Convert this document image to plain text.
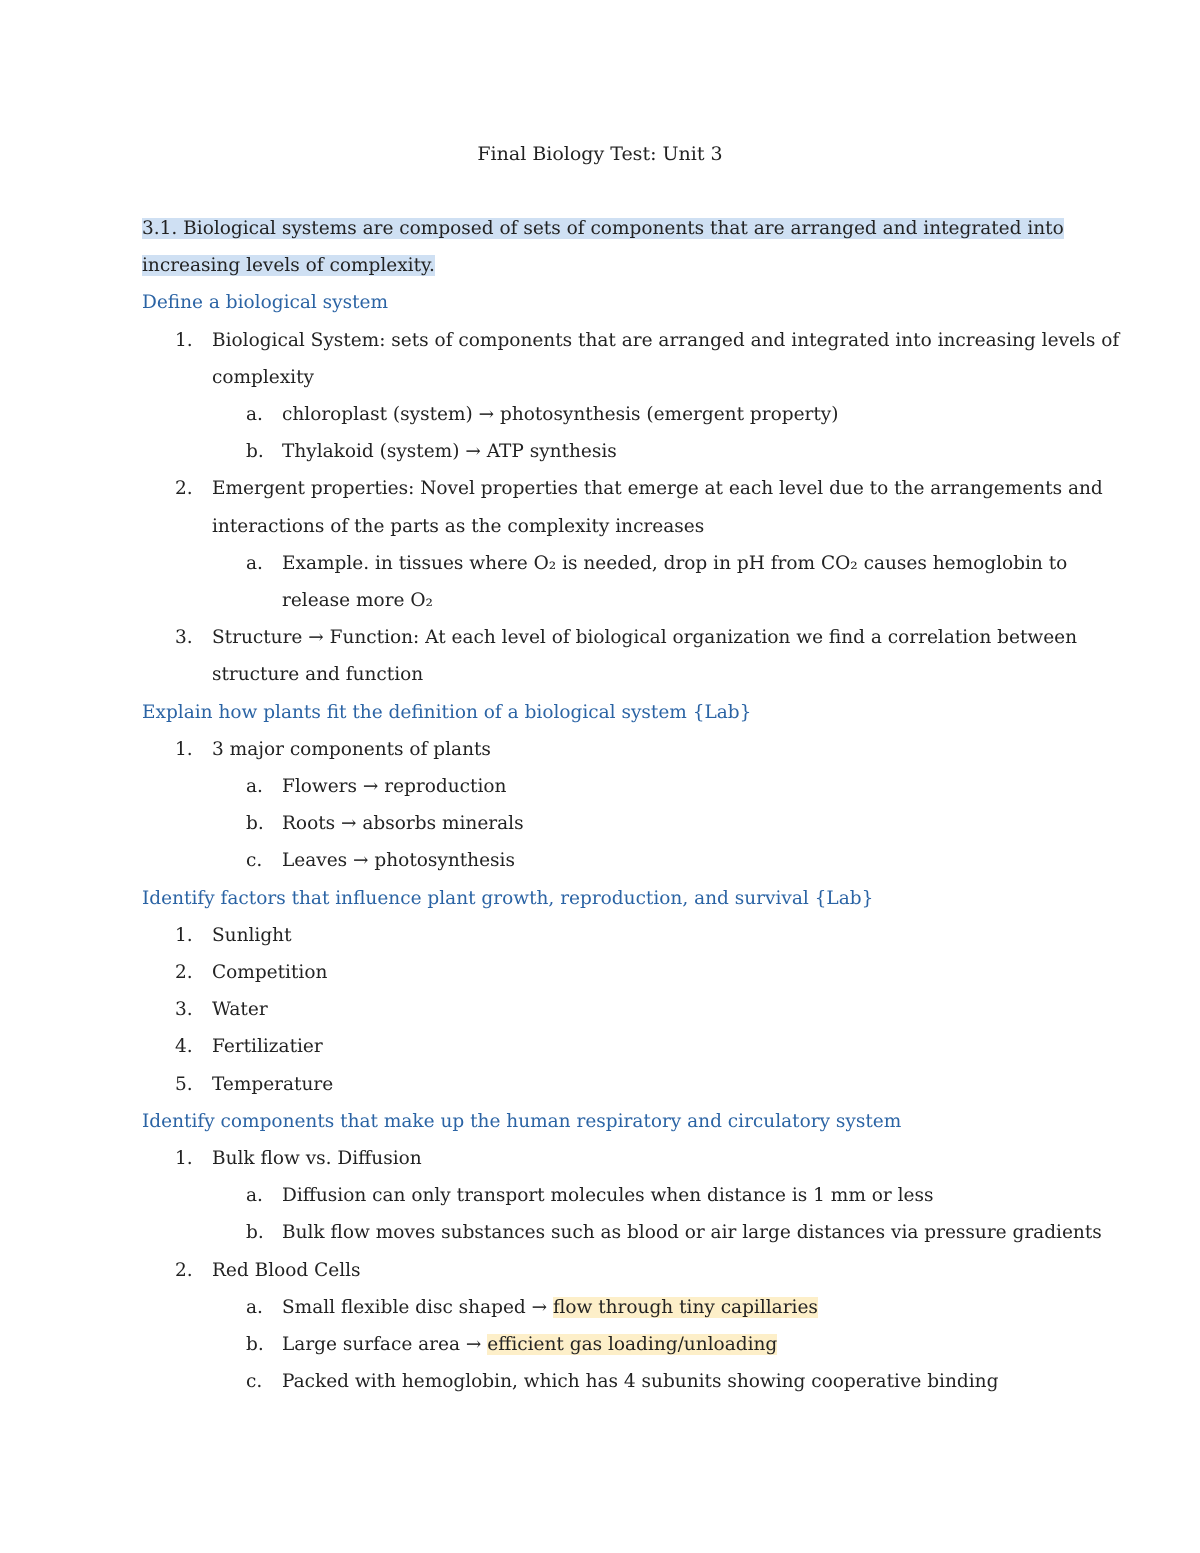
Final Biology Test: Unit 3
3.1. Biological systems are composed of sets of components that are arranged and integrated into
increasing levels of complexity.
Define a biological system
1. Biological System: sets of components that are arranged and integrated into increasing levels of
complexity
a. chloroplast (system) → photosynthesis (emergent property)
b. Thylakoid (system) → ATP synthesis
2. Emergent properties: Novel properties that emerge at each level due to the arrangements and
interactions of the parts as the complexity increases
a. Example. in tissues where O₂ is needed, drop in pH from CO₂ causes hemoglobin to
release more O₂
3. Structure → Function: At each level of biological organization we find a correlation between
structure and function
Explain how plants fit the definition of a biological system {Lab}
1. 3 major components of plants
a. Flowers → reproduction
b. Roots → absorbs minerals
c. Leaves → photosynthesis
Identify factors that influence plant growth, reproduction, and survival {Lab}
1. Sunlight
2. Competition
3. Water
4. Fertilizatier
5. Temperature
Identify components that make up the human respiratory and circulatory system
1. Bulk flow vs. Diffusion
a. Diffusion can only transport molecules when distance is 1 mm or less
b. Bulk flow moves substances such as blood or air large distances via pressure gradients
2. Red Blood Cells
a. Small flexible disc shaped → flow through tiny capillaries
b. Large surface area → efficient gas loading/unloading
c. Packed with hemoglobin, which has 4 subunits showing cooperative binding
